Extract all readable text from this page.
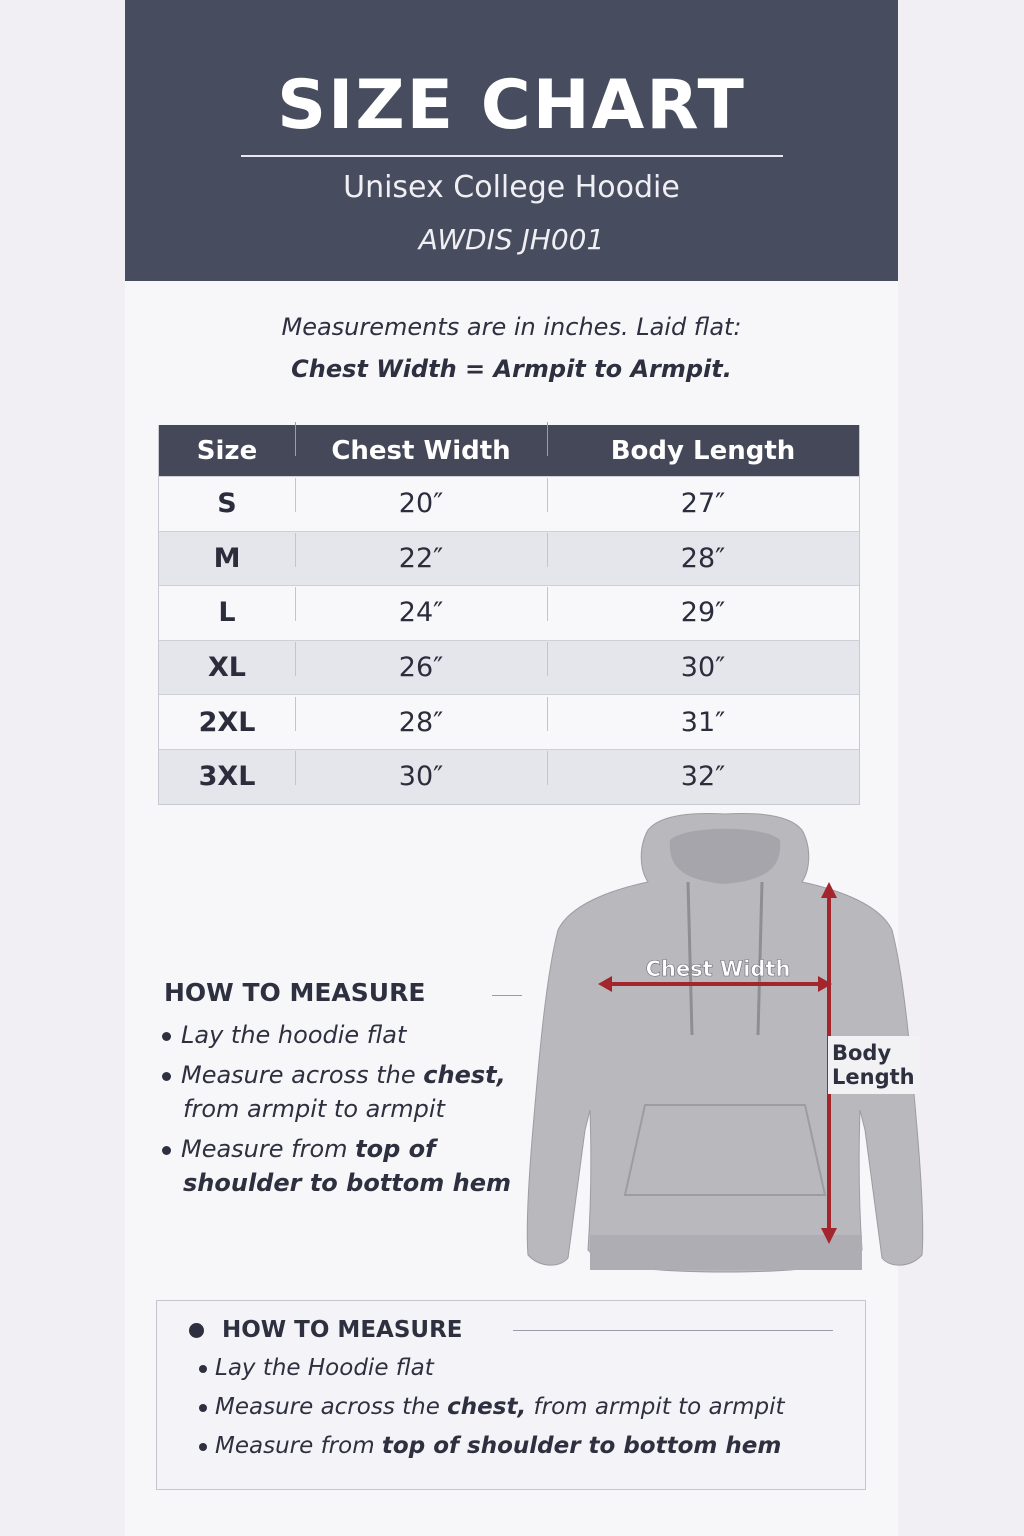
SIZE CHART
Unisex College Hoodie
AWDIS JH001
Measurements are in inches. Laid flat:
Chest Width = Armpit to Armpit.
Size	Chest Width	Body Length
S	20″	27″
M	22″	28″
L	24″	29″
XL	26″	30″
2XL	28″	31″
3XL	30″	32″
Chest Width
Body
Length
HOW TO MEASURE
Lay the hoodie flat
Measure across the chest,
from armpit to armpit
Measure from top of
shoulder to bottom hem
HOW TO MEASURE
Lay the Hoodie flat
Measure across the chest, from armpit to armpit
Measure from top of shoulder to bottom hem
